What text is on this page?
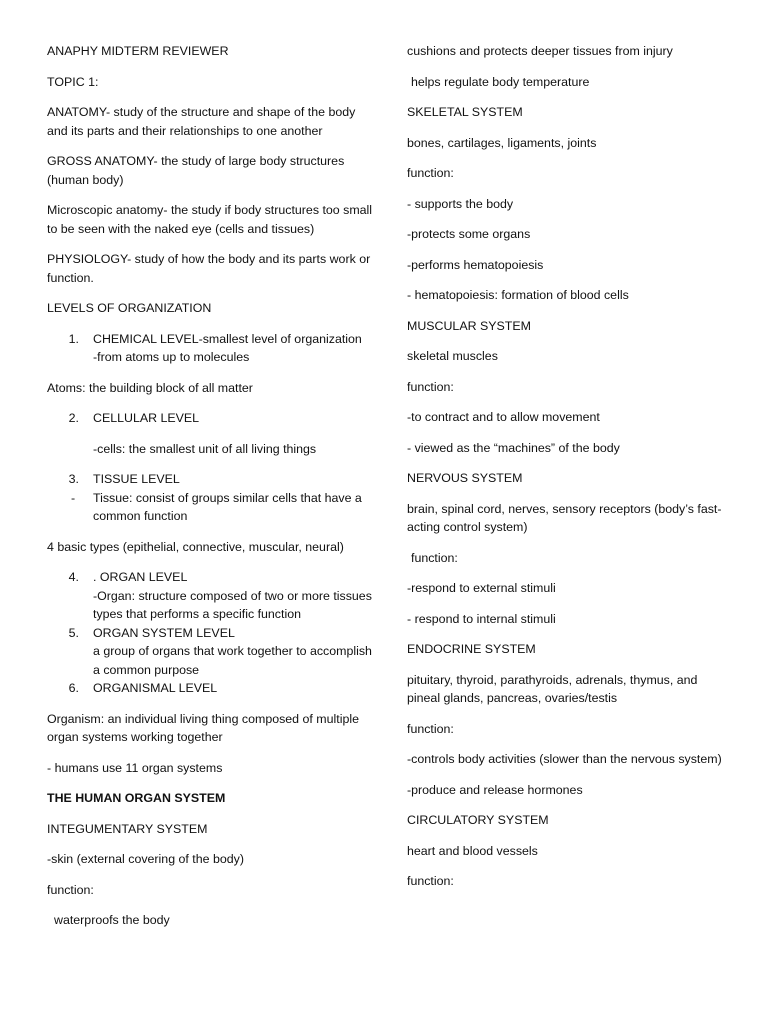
ANAPHY MIDTERM REVIEWER

TOPIC 1:

ANATOMY- study of the structure and shape of the body and its parts and their relationships to one another

GROSS ANATOMY- the study of large body structures (human body)

Microscopic anatomy- the study if body structures too small to be seen with the naked eye (cells and tissues)

PHYSIOLOGY- study of how the body and its parts work or function.

LEVELS OF ORGANIZATION

1.	CHEMICAL LEVEL-smallest level of organization
-from atoms up to molecules

Atoms: the building block of all matter

2.	CELLULAR LEVEL
-cells: the smallest unit of all living things
3.	TISSUE LEVEL
-	Tissue: consist of groups similar cells that have a common function

4 basic types (epithelial, connective, muscular, neural)

4.	. ORGAN LEVEL
-Organ: structure composed of two or more tissues types that performs a specific function
5.	ORGAN SYSTEM LEVEL
a group of organs that work together to accomplish a common purpose
6.	ORGANISMAL LEVEL

Organism: an individual living thing composed of multiple organ systems working together

- humans use 11 organ systems

THE HUMAN ORGAN SYSTEM

INTEGUMENTARY SYSTEM

-skin (external covering of the body)

function:

waterproofs the body

cushions and protects deeper tissues from injury

helps regulate body temperature

SKELETAL SYSTEM

bones, cartilages, ligaments, joints

function:

- supports the body

-protects some organs

-performs hematopoiesis

- hematopoiesis: formation of blood cells

MUSCULAR SYSTEM

skeletal muscles

function:

-to contract and to allow movement

- viewed as the “machines” of the body

NERVOUS SYSTEM

brain, spinal cord, nerves, sensory receptors (body’s fast-acting control system)

function:

-respond to external stimuli

- respond to internal stimuli

ENDOCRINE SYSTEM

pituitary, thyroid, parathyroids, adrenals, thymus, and pineal glands, pancreas, ovaries/testis

function:

-controls body activities (slower than the nervous system)

-produce and release hormones

CIRCULATORY SYSTEM

heart and blood vessels

function:
